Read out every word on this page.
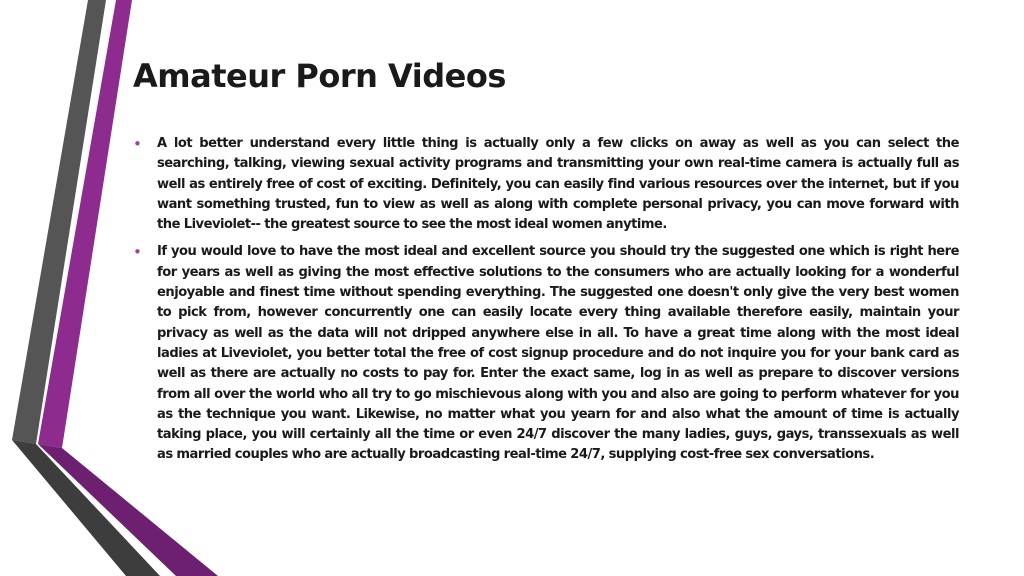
Amateur Porn Videos
• A lot better understand every little thing is actually only a few clicks on away as well as you can select the searching, talking, viewing sexual activity programs and transmitting your own real-time camera is actually full as well as entirely free of cost of exciting. Definitely, you can easily find various resources over the internet, but if you want something trusted, fun to view as well as along with complete personal privacy, you can move forward with the Liveviolet-- the greatest source to see the most ideal women anytime.
• If you would love to have the most ideal and excellent source you should try the suggested one which is right here for years as well as giving the most effective solutions to the consumers who are actually looking for a wonderful enjoyable and finest time without spending everything. The suggested one doesn't only give the very best women to pick from, however concurrently one can easily locate every thing available therefore easily, maintain your privacy as well as the data will not dripped anywhere else in all. To have a great time along with the most ideal ladies at Liveviolet, you better total the free of cost signup procedure and do not inquire you for your bank card as well as there are actually no costs to pay for. Enter the exact same, log in as well as prepare to discover versions from all over the world who all try to go mischievous along with you and also are going to perform whatever for you as the technique you want. Likewise, no matter what you yearn for and also what the amount of time is actually taking place, you will certainly all the time or even 24/7 discover the many ladies, guys, gays, transsexuals as well as married couples who are actually broadcasting real-time 24/7, supplying cost-free sex conversations.
